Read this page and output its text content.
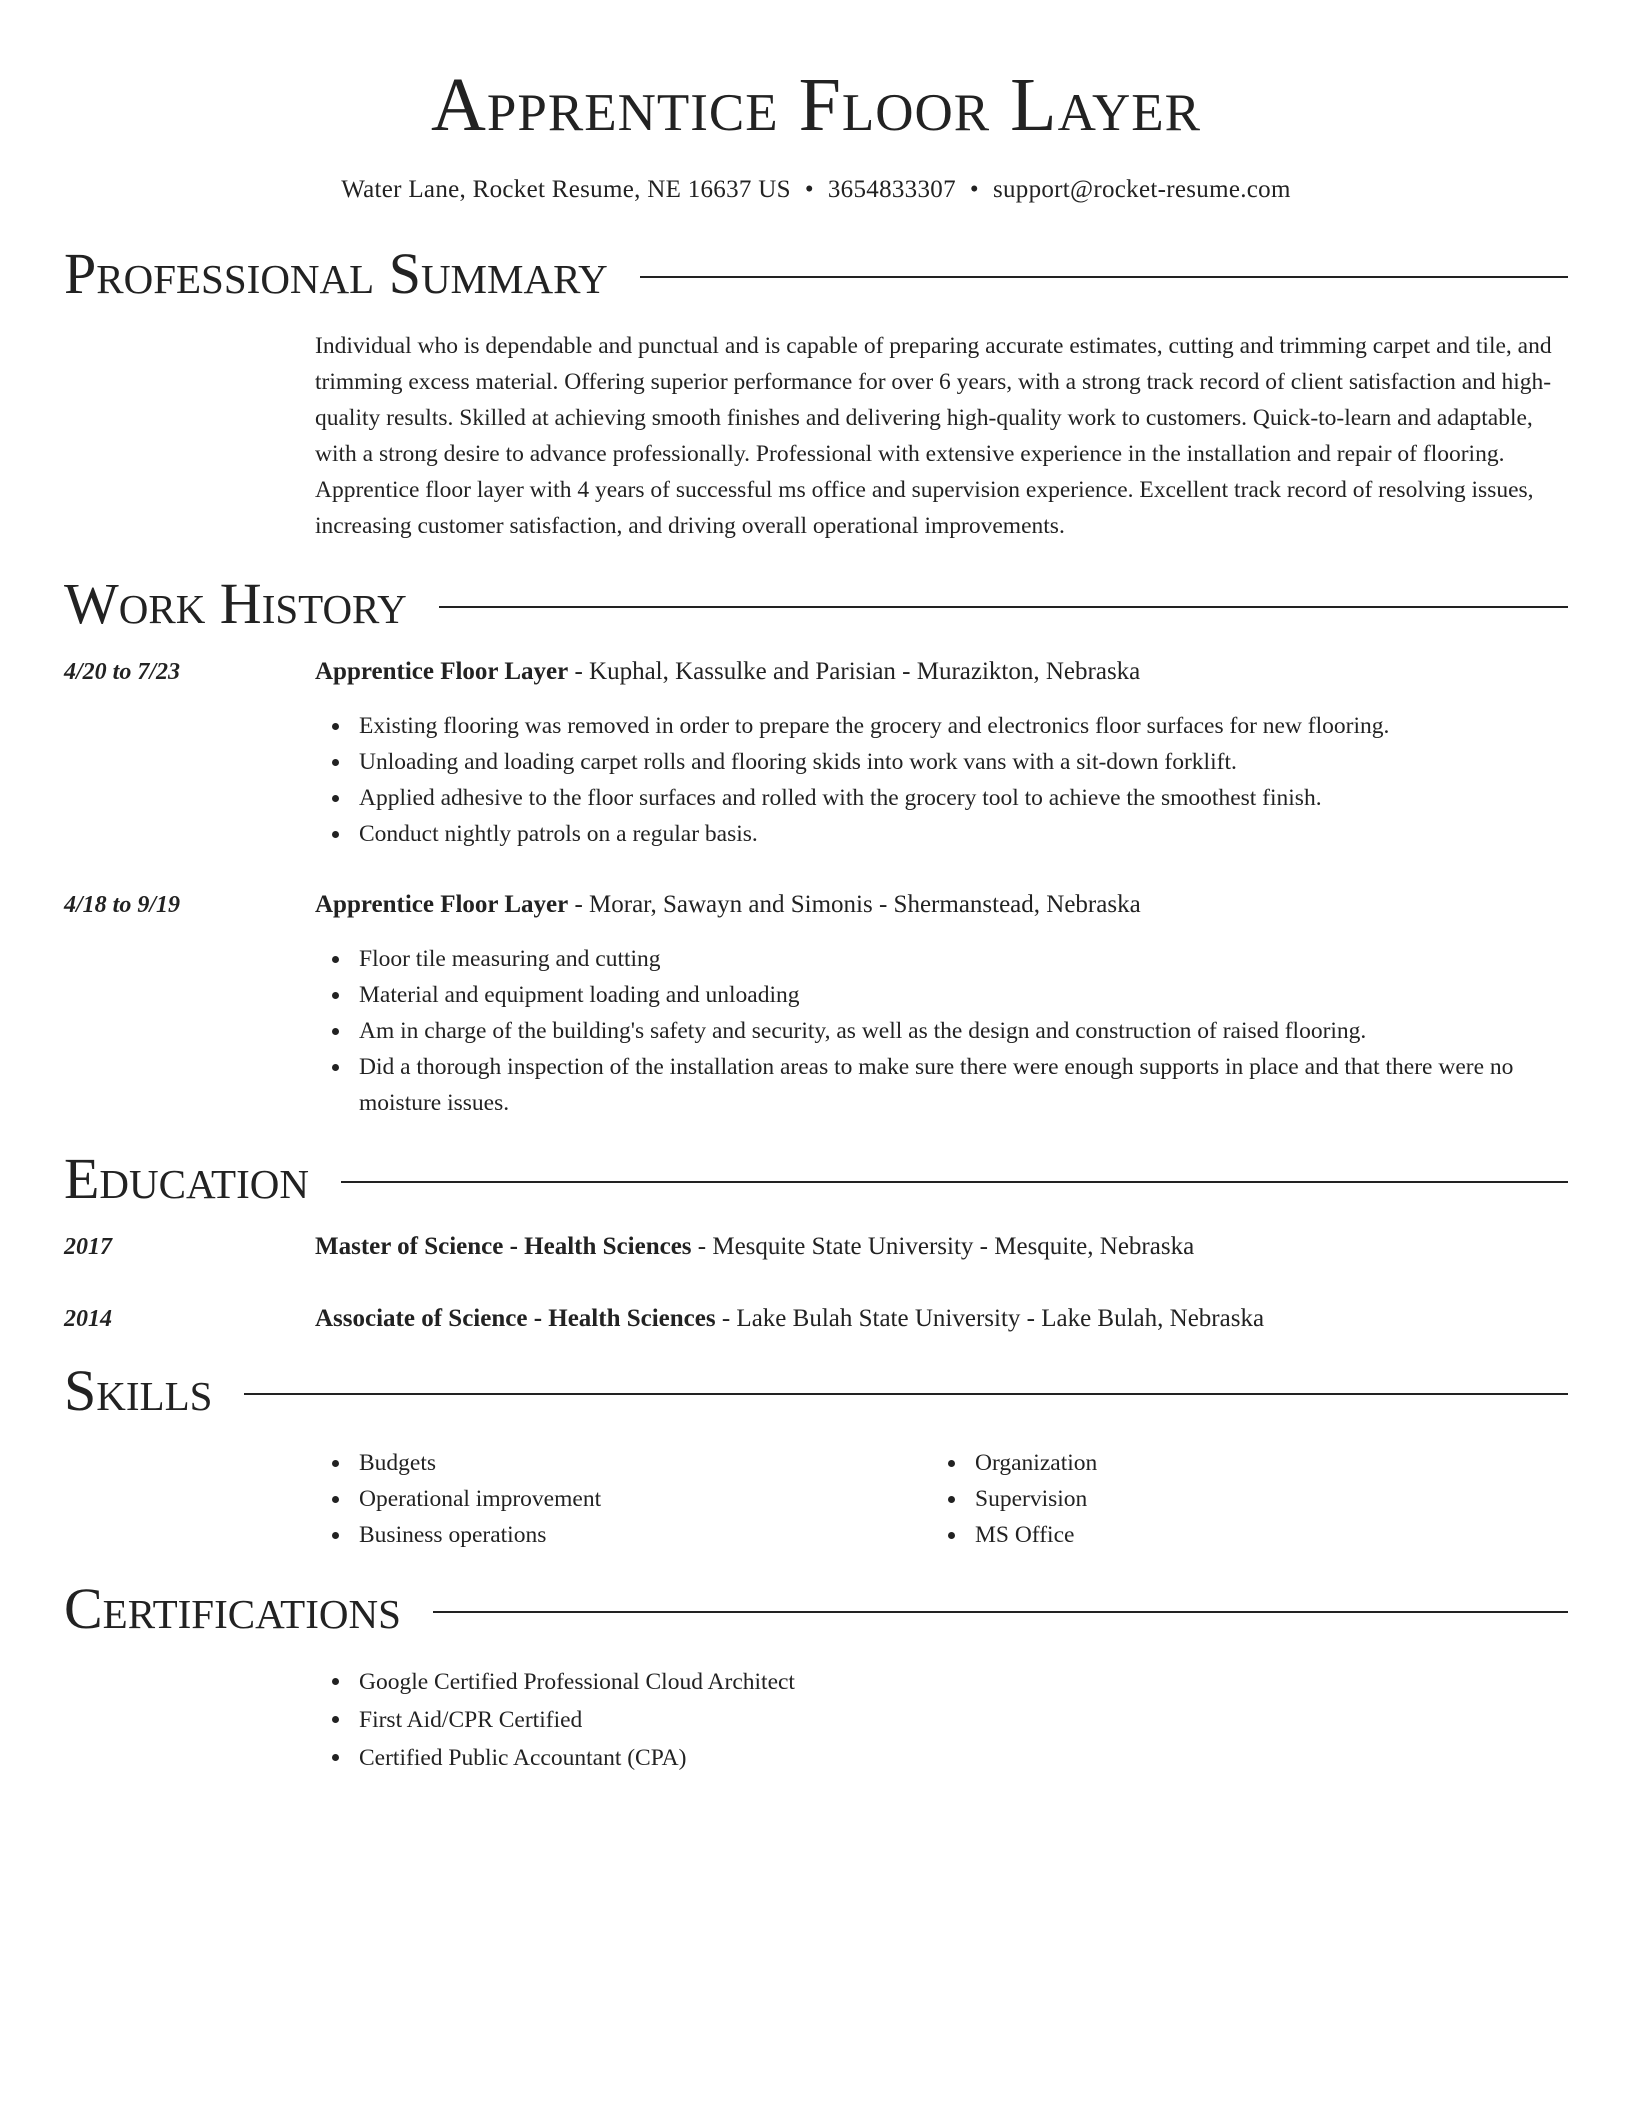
Apprentice Floor Layer
Water Lane, Rocket Resume, NE 16637 US • 3654833307 • support@rocket-resume.com
Professional Summary
Individual who is dependable and punctual and is capable of preparing accurate estimates, cutting and trimming carpet and tile, and trimming excess material. Offering superior performance for over 6 years, with a strong track record of client satisfaction and high-quality results. Skilled at achieving smooth finishes and delivering high-quality work to customers. Quick-to-learn and adaptable, with a strong desire to advance professionally. Professional with extensive experience in the installation and repair of flooring. Apprentice floor layer with 4 years of successful ms office and supervision experience. Excellent track record of resolving issues, increasing customer satisfaction, and driving overall operational improvements.
Work History
4/20 to 7/23	Apprentice Floor Layer - Kuphal, Kassulke and Parisian - Murazikton, Nebraska
Existing flooring was removed in order to prepare the grocery and electronics floor surfaces for new flooring.
Unloading and loading carpet rolls and flooring skids into work vans with a sit-down forklift.
Applied adhesive to the floor surfaces and rolled with the grocery tool to achieve the smoothest finish.
Conduct nightly patrols on a regular basis.
4/18 to 9/19	Apprentice Floor Layer - Morar, Sawayn and Simonis - Shermanstead, Nebraska
Floor tile measuring and cutting
Material and equipment loading and unloading
Am in charge of the building's safety and security, as well as the design and construction of raised flooring.
Did a thorough inspection of the installation areas to make sure there were enough supports in place and that there were no moisture issues.
Education
2017	Master of Science - Health Sciences - Mesquite State University - Mesquite, Nebraska
2014	Associate of Science - Health Sciences - Lake Bulah State University - Lake Bulah, Nebraska
Skills
Budgets
Operational improvement
Business operations
Organization
Supervision
MS Office
Certifications
Google Certified Professional Cloud Architect
First Aid/CPR Certified
Certified Public Accountant (CPA)
